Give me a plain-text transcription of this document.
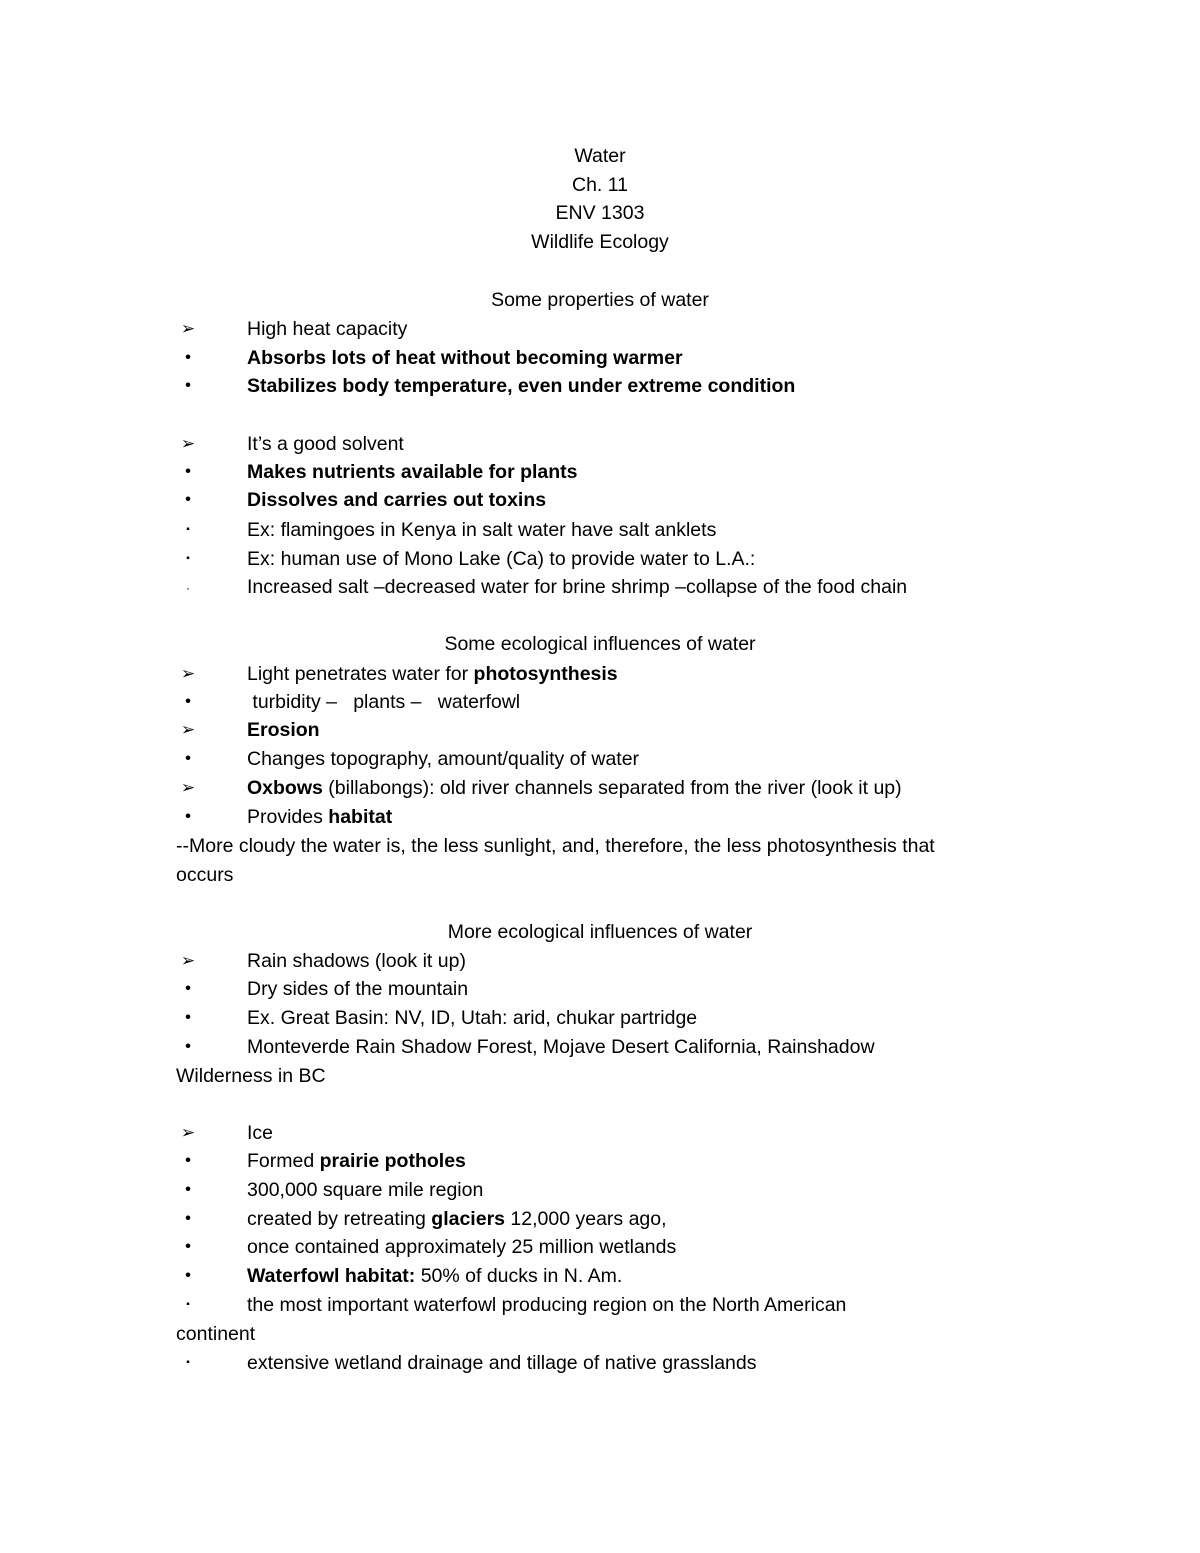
Water
Ch. 11
ENV 1303
Wildlife Ecology
Some properties of water
➢	High heat capacity
•	Absorbs lots of heat without becoming warmer
•	Stabilizes body temperature, even under extreme condition
➢	It’s a good solvent
•	Makes nutrients available for plants
•	Dissolves and carries out toxins
▪	Ex: flamingoes in Kenya in salt water have salt anklets
▪	Ex: human use of Mono Lake (Ca) to provide water to L.A.:
‚	Increased salt –decreased water for brine shrimp –collapse of the food chain
Some ecological influences of water
➢	Light penetrates water for photosynthesis
•	turbidity –   plants –   waterfowl
➢	Erosion
•	Changes topography, amount/quality of water
➢	Oxbows (billabongs): old river channels separated from the river (look it up)
•	Provides habitat
--More cloudy the water is, the less sunlight, and, therefore, the less photosynthesis that
occurs
More ecological influences of water
➢	Rain shadows (look it up)
•	Dry sides of the mountain
•	Ex. Great Basin: NV, ID, Utah: arid, chukar partridge
•	Monteverde Rain Shadow Forest, Mojave Desert California, Rainshadow
Wilderness in BC
➢	Ice
•	Formed prairie potholes
•	300,000 square mile region
•	created by retreating glaciers 12,000 years ago,
•	once contained approximately 25 million wetlands
•	Waterfowl habitat: 50% of ducks in N. Am.
▪	the most important waterfowl producing region on the North American
continent
▪	extensive wetland drainage and tillage of native grasslands
